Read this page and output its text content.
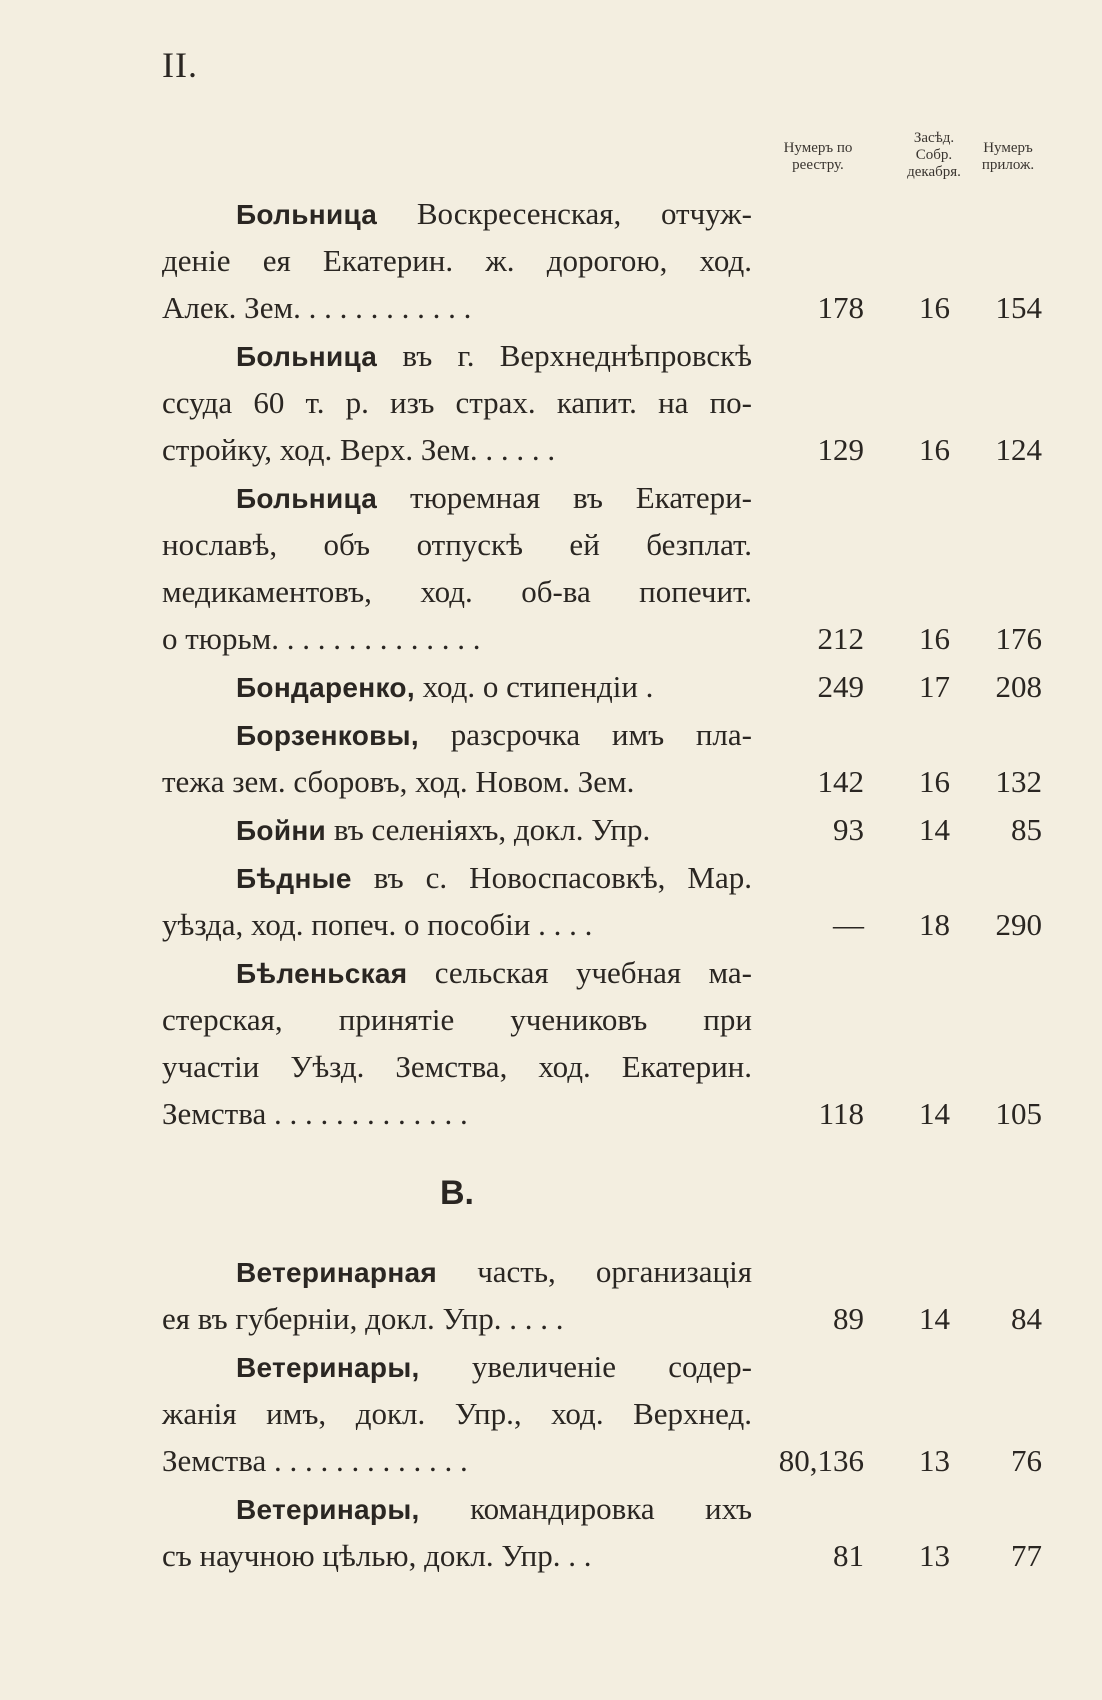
II.
Нумеръ по реестру.
Засѣд. Собр. декабря.
Нумеръ прилож.
Больница Воскресенская, отчуж-
деніе ея Екатерин. ж. дорогою, ход.
Алек. Зем. . . . . . . . . . . .	178 16 154
Больница въ г. Верхнеднѣпровскѣ
ссуда 60 т. р. изъ страх. капит. на по-
стройку, ход. Верх. Зем. . . . . .	129 16 124
Больница тюремная въ Екатери-
нославѣ, объ отпускѣ ей безплат.
медикаментовъ, ход. об-ва попечит.
о тюрьм. . . . . . . . . . . . . .	212 16 176
Бондаренко, ход. о стипендіи .	249 17 208
Борзенковы, разсрочка имъ пла-
тежа зем. сборовъ, ход. Новом. Зем.	142 16 132
Бойни въ селеніяхъ, докл. Упр.	93 14 85
Бѣдные въ с. Новоспасовкѣ, Мар.
уѣзда, ход. попеч. о пособіи . . . .	— 18 290
Бѣленьская сельская учебная ма-
стерская, принятіе учениковъ при
участіи Уѣзд. Земства, ход. Екатерин.
Земства . . . . . . . . . . . . .	118 14 105
В.
Ветеринарная часть, организація
ея въ губерніи, докл. Упр. . . . .	89 14 84
Ветеринары, увеличеніе содер-
жанія имъ, докл. Упр., ход. Верхнед.
Земства . . . . . . . . . . . . .	80,136 13 76
Ветеринары, командировка ихъ
съ научною цѣлью, докл. Упр. . .	81 13 77
